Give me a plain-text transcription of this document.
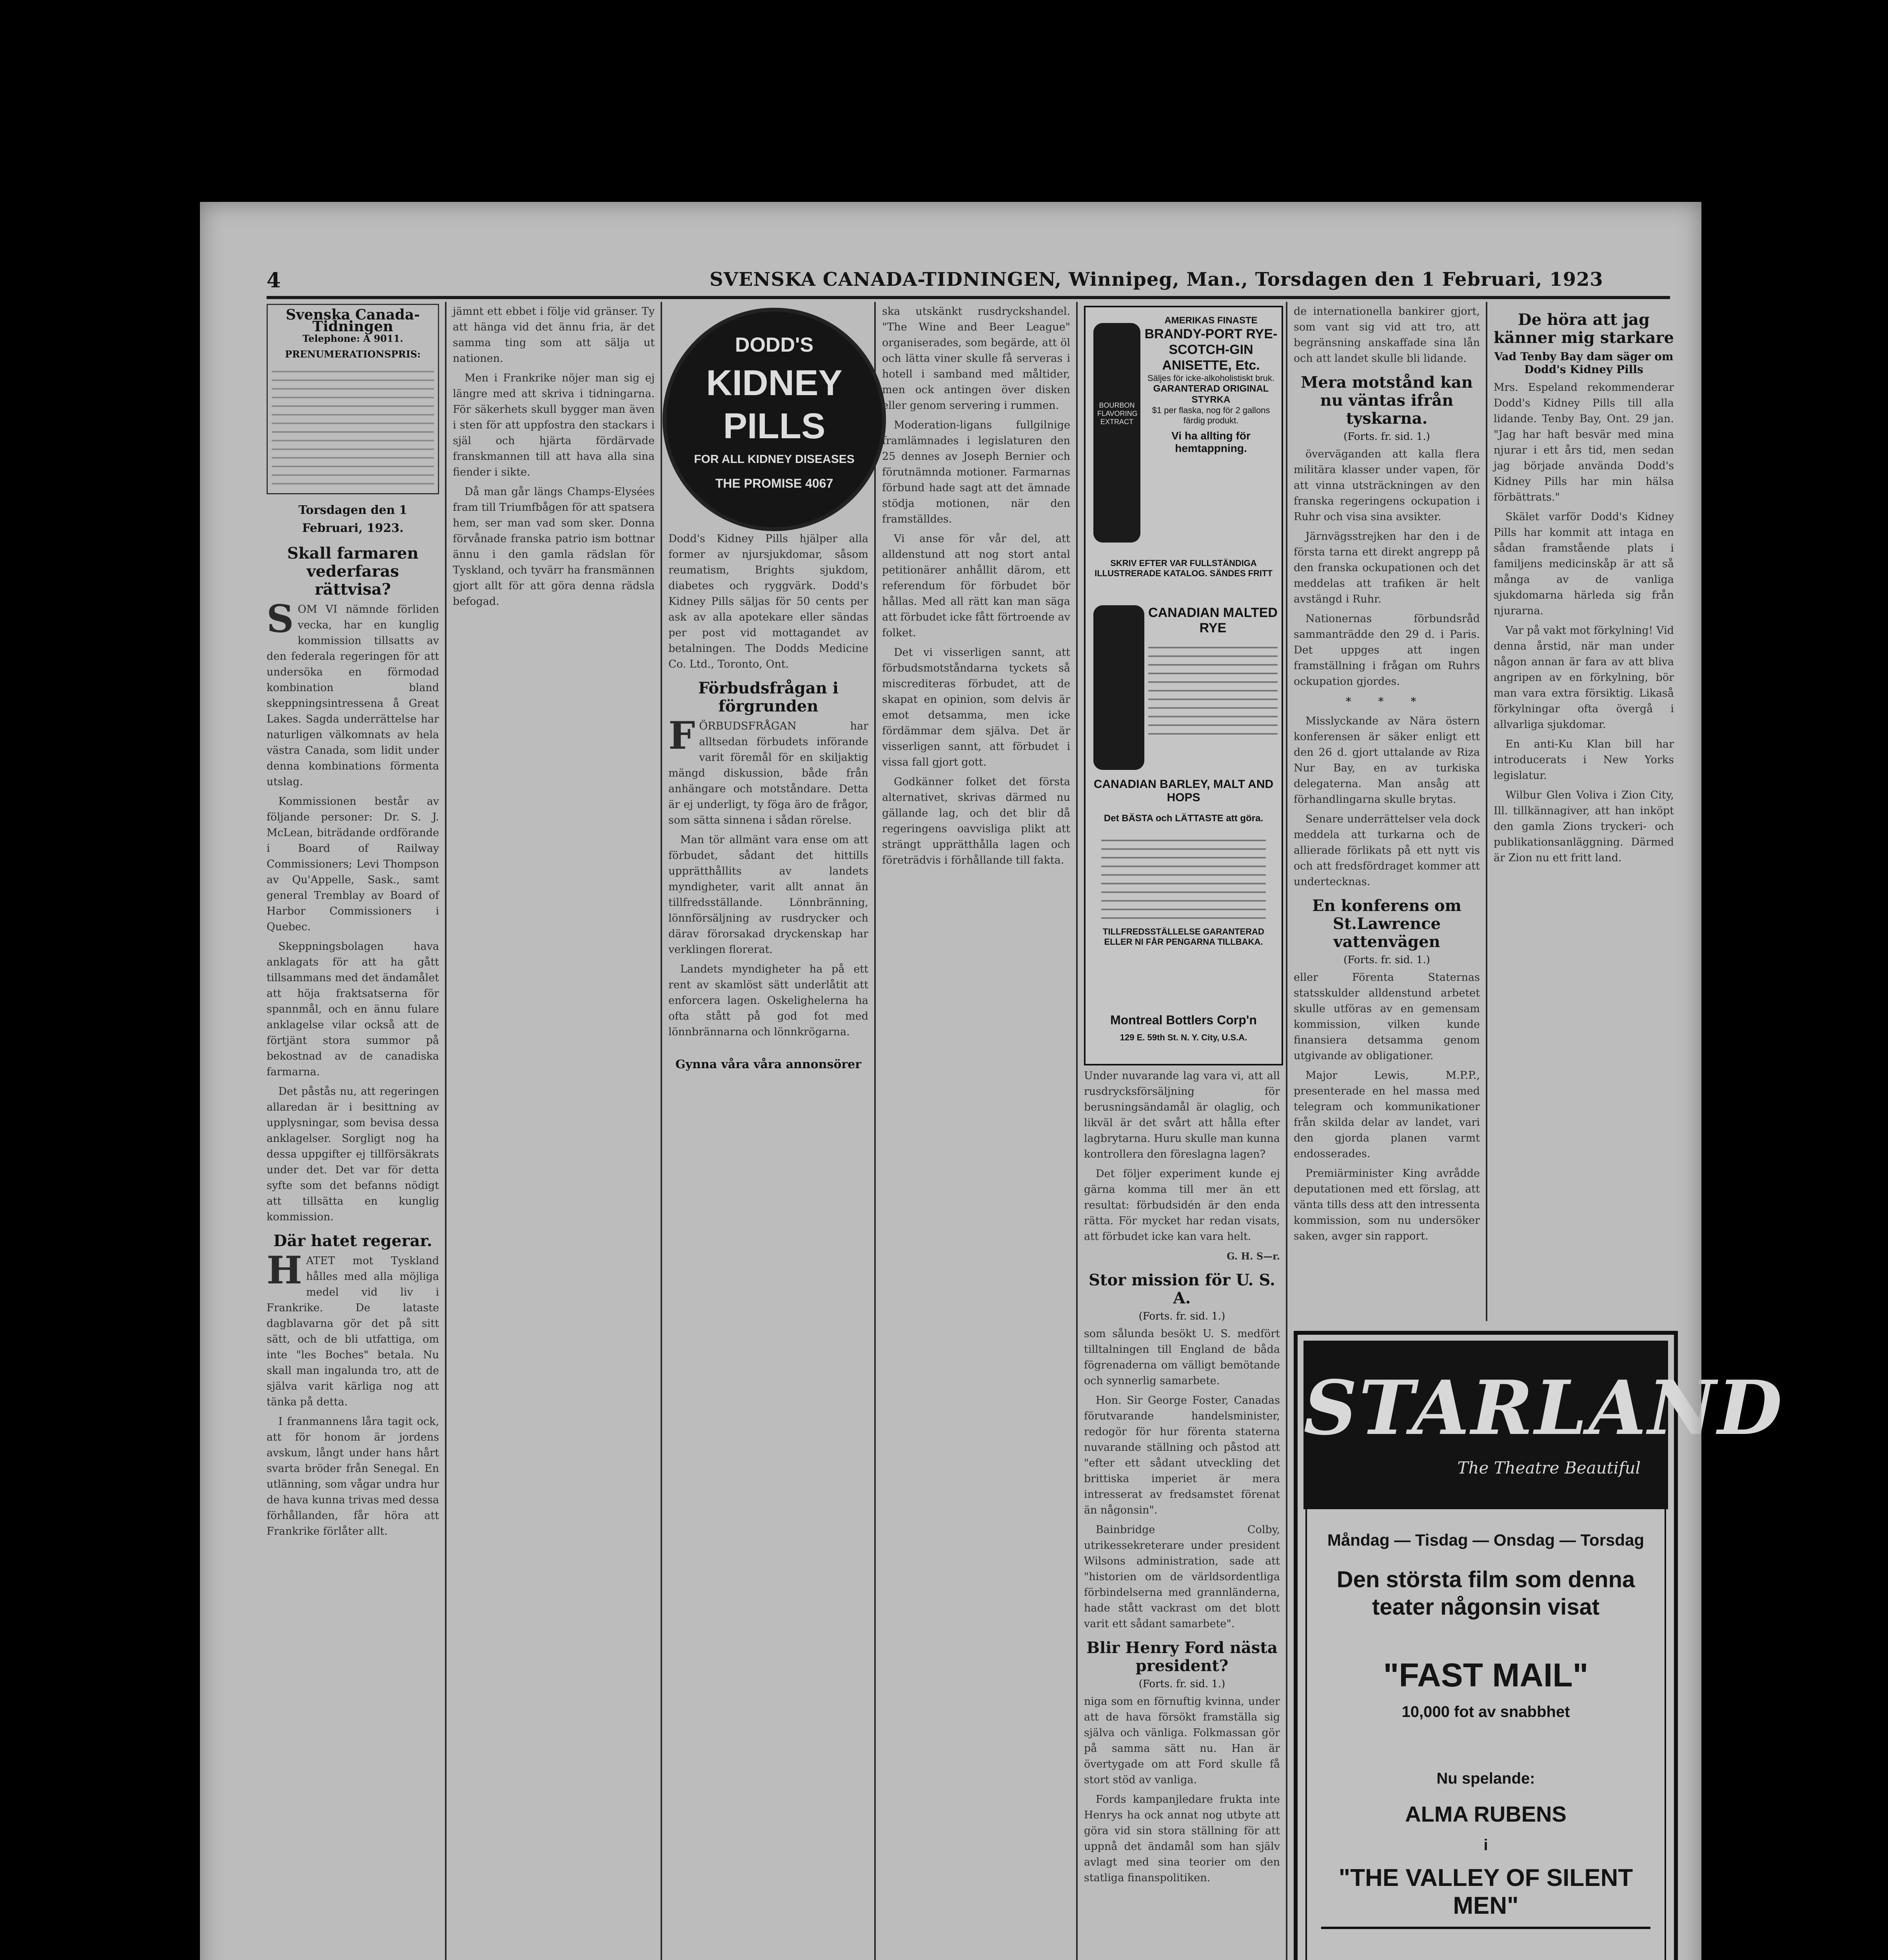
4	SVENSKA CANADA-TIDNINGEN, Winnipeg, Man., Torsdagen den 1 Februari, 1923
Svenska Canada-Tidningen
Telephone: A 9011.
PRENUMERATIONSPRIS:
Torsdagen den 1 Februari, 1923.
Skall farmaren vederfaras rättvisa?
S OM VI nämnde förliden vecka, har en kunglig kommission tillsatts av den federala regeringen för att undersöka en förmodad kombination bland skeppningsintressena å Great Lakes. Sagda underrättelse har naturligen välkomnats av hela västra Canada, som lidit under denna kombinations förmenta utslag.

Kommissionen består av följande personer: Dr. S. J. McLean, biträdande ordförande i Board of Railway Commissioners; Levi Thompson av Qu'Appelle, Sask., samt general Tremblay av Board of Harbor Commissioners i Quebec.

Skeppningsbolagen hava anklagats för att ha gått tillsammans med det ändamålet att höja fraktsatserna för spannmål, och en ännu fulare anklagelse vilar också att de förtjänt stora summor på bekostnad av de canadiska farmarna.

Det påstås nu, att regeringen allaredan är i besittning av upplysningar, som bevisa dessa anklagelser. Sorgligt nog ha dessa uppgifter ej tillförsäkrats under det. Det var för detta syfte som det befanns nödigt att tillsätta en kunglig kommission.

Där hatet regerar.
H ATET mot Tyskland hålles med alla möjliga medel vid liv i Frankrike. De lataste dagblavarna gör det på sitt sätt, och de bli utfattiga, om inte "les Boches" betala. Nu skall man ingalunda tro, att de själva varit kärliga nog att tänka på detta.

I franmannens låra tagit ock, att för honom är jordens avskum, långt under hans hårt svarta bröder från Senegal. En utlänning, som vågar undra hur de hava kunna trivas med dessa förhållanden, får höra att Frankrike förlåter allt.

jämnt ett ebbet i följe vid gränser. Ty att hänga vid det ännu fria, är det samma ting som att sälja ut nationen.

Men i Frankrike nöjer man sig ej längre med att skriva i tidningarna. För säkerhets skull bygger man även i sten för att uppfostra den stackars i själ och hjärta fördärvade franskmannen till att hava alla sina fiender i sikte.

Då man går längs Champs-Elysées fram till Triumfbågen för att spatsera hem, ser man vad som sker. Donna förvånade franska patrio ism bottnar ännu i den gamla rädslan för Tyskland, och tyvärr ha fransmännen gjort allt för att göra denna rädsla befogad.

DODD'S
KIDNEY
PILLS
FOR ALL KIDNEY DISEASES
THE PROMISE 4067

Dodd's Kidney Pills hjälper alla former av njursjukdomar, såsom reumatism, Brights sjukdom, diabetes och ryggvärk. Dodd's Kidney Pills säljas för 50 cents per ask av alla apotekare eller sändas per post vid mottagandet av betalningen. The Dodds Medicine Co. Ltd., Toronto, Ont.

Förbudsfrågan i förgrunden
F ÖRBUDSFRÅGAN har alltsedan förbudets införande varit föremål för en skiljaktig mängd diskussion, både från anhängare och motståndare. Detta är ej underligt, ty föga äro de frågor, som sätta sinnena i sådan rörelse.

Man tör allmänt vara ense om att förbudet, sådant det hittills upprätthållits av landets myndigheter, varit allt annat än tillfredsställande. Lönnbränning, lönnförsäljning av rusdrycker och därav förorsakad dryckenskap har verklingen florerat.

Landets myndigheter ha på ett rent av skamlöst sätt underlåtit att enforcera lagen. Oskelighelerna ha ofta stått på god fot med lönnbrännarna och lönnkrögarna.

Gynna våra våra annonsörer

ska utskänkt rusdryckshandel. "The Wine and Beer League" organiserades, som begärde, att öl och lätta viner skulle få serveras i hotell i samband med måltider, men ock antingen över disken eller genom servering i rummen.

Moderation-ligans fullgilnige framlämnades i legislaturen den 25 dennes av Joseph Bernier och förutnämnda motioner. Farmarnas förbund hade sagt att det ämnade stödja motionen, när den framställdes.

Vi anse för vår del, att alldenstund att nog stort antal petitionärer anhållit därom, ett referendum för förbudet bör hållas. Med all rätt kan man säga att förbudet icke fått förtroende av folket.

Det vi visserligen sannt, att förbudsmotståndarna tyckets så miscrediteras förbudet, att de skapat en opinion, som delvis är emot detsamma, men icke fördämmar dem själva. Det är visserligen sannt, att förbudet i vissa fall gjort gott.

Godkänner folket det första alternativet, skrivas därmed nu gällande lag, och det blir då regeringens oavvisliga plikt att strängt upprätthålla lagen och företrädvis i förhållande till fakta.

BOURBON FLAVORING EXTRACT
AMERIKAS FINASTE
BRANDY-PORT RYE-SCOTCH-GIN ANISETTE, Etc.
Säljes för icke-alkoholistiskt bruk.
GARANTERAD ORIGINAL STYRKA
$1 per flaska, nog för 2 gallons färdig produkt.
Vi ha allting för hemtappning.
SKRIV EFTER VAR FULLSTÄNDIGA ILLUSTRERADE KATALOG. SÄNDES FRITT
CANADIAN MALTED RYE
CANADIAN BARLEY, MALT AND HOPS
Det BÄSTA och LÄTTASTE att göra.
TILLFREDSSTÄLLELSE GARANTERAD ELLER NI FÅR PENGARNA TILLBAKA.
Montreal Bottlers Corp'n
129 E. 59th St. N. Y. City, U.S.A.

Under nuvarande lag vara vi, att all rusdrycksförsäljning för berusningsändamål är olaglig, och likväl är det svårt att hålla efter lagbrytarna. Huru skulle man kunna kontrollera den föreslagna lagen?

Det följer experiment kunde ej gärna komma till mer än ett resultat: förbudsidén är den enda rätta. För mycket har redan visats, att förbudet icke kan vara helt.

G. H. S—r.
Stor mission för U. S. A.
(Forts. fr. sid. 1.)

som sålunda besökt U. S. medfört tilltalningen till England de båda fögrenaderna om välligt bemötande och synnerlig samarbete.

Hon. Sir George Foster, Canadas förutvarande handelsminister, redogör för hur förenta staterna nuvarande ställning och påstod att "efter ett sådant utveckling det brittiska imperiet är mera intresserat av fredsamstet förenat än någonsin".

Bainbridge Colby, utrikessekreterare under president Wilsons administration, sade att "historien om de världsordentliga förbindelserna med grannländerna, hade stått vackrast om det blott varit ett sådant samarbete".

Blir Henry Ford nästa president?
(Forts. fr. sid. 1.)

niga som en förnuftig kvinna, under att de hava försökt framställa sig själva och vänliga. Folkmassan gör på samma sätt nu. Han är övertygade om att Ford skulle få stort stöd av vanliga.

Fords kampanjledare frukta inte Henrys ha ock annat nog utbyte att göra vid sin stora ställning för att uppnå det ändamål som han själv avlagt med sina teorier om den statliga finanspolitiken.

de internationella bankirer gjort, som vant sig vid att tro, att begränsning anskaffade sina lån och att landet skulle bli lidande.

Mera motstånd kan nu väntas ifrån tyskarna.
(Forts. fr. sid. 1.)

överväganden att kalla flera militära klasser under vapen, för att vinna utsträckningen av den franska regeringens ockupation i Ruhr och visa sina avsikter.

Järnvägsstrejken har den i de första tarna ett direkt angrepp på den franska ockupationen och det meddelas att trafiken är helt avstängd i Ruhr.

Nationernas förbundsråd sammanträdde den 29 d. i Paris. Det uppges att ingen framställning i frågan om Ruhrs ockupation gjordes.

* * *

Misslyckande av Nära östern konferensen är säker enligt ett den 26 d. gjort uttalande av Riza Nur Bay, en av turkiska delegaterna. Man ansåg att förhandlingarna skulle brytas.

Senare underrättelser vela dock meddela att turkarna och de allierade förlikats på ett nytt vis och att fredsfördraget kommer att undertecknas.

En konferens om St.Lawrence vattenvägen
(Forts. fr. sid. 1.)

eller Förenta Staternas statsskulder alldenstund arbetet skulle utföras av en gemensam kommission, vilken kunde finansiera detsamma genom utgivande av obligationer.

Major Lewis, M.P.P., presenterade en hel massa med telegram och kommunikationer från skilda delar av landet, vari den gjorda planen varmt endosserades.

Premiärminister King avrådde deputationen med ett förslag, att vänta tills dess att den intressenta kommission, som nu undersöker saken, avger sin rapport.

De höra att jag känner mig starkare
Vad Tenby Bay dam säger om Dodd's Kidney Pills

Mrs. Espeland rekommenderar Dodd's Kidney Pills till alla lidande. Tenby Bay, Ont. 29 jan. "Jag har haft besvär med mina njurar i ett års tid, men sedan jag började använda Dodd's Kidney Pills har min hälsa förbättrats."

Skälet varför Dodd's Kidney Pills har kommit att intaga en sådan framstående plats i familjens medicinskåp är att så många av de vanliga sjukdomarna härleda sig från njurarna.

Var på vakt mot förkylning! Vid denna årstid, när man under någon annan är fara av att bliva angripen av en förkylning, bör man vara extra försiktig. Likaså förkylningar ofta övergå i allvarliga sjukdomar.

En anti-Ku Klan bill har introducerats i New Yorks legislatur.

Wilbur Glen Voliva i Zion City, Ill. tillkännagiver, att han inköpt den gamla Zions tryckeri- och publikationsanläggning. Därmed är Zion nu ett fritt land.

STARLAND
The Theatre Beautiful
Måndag — Tisdag — Onsdag — Torsdag
Den största film som denna teater någonsin visat
"FAST MAIL"
10,000 fot av snabbhet
Nu spelande:
ALMA RUBENS
i
"THE VALLEY OF SILENT MEN"
